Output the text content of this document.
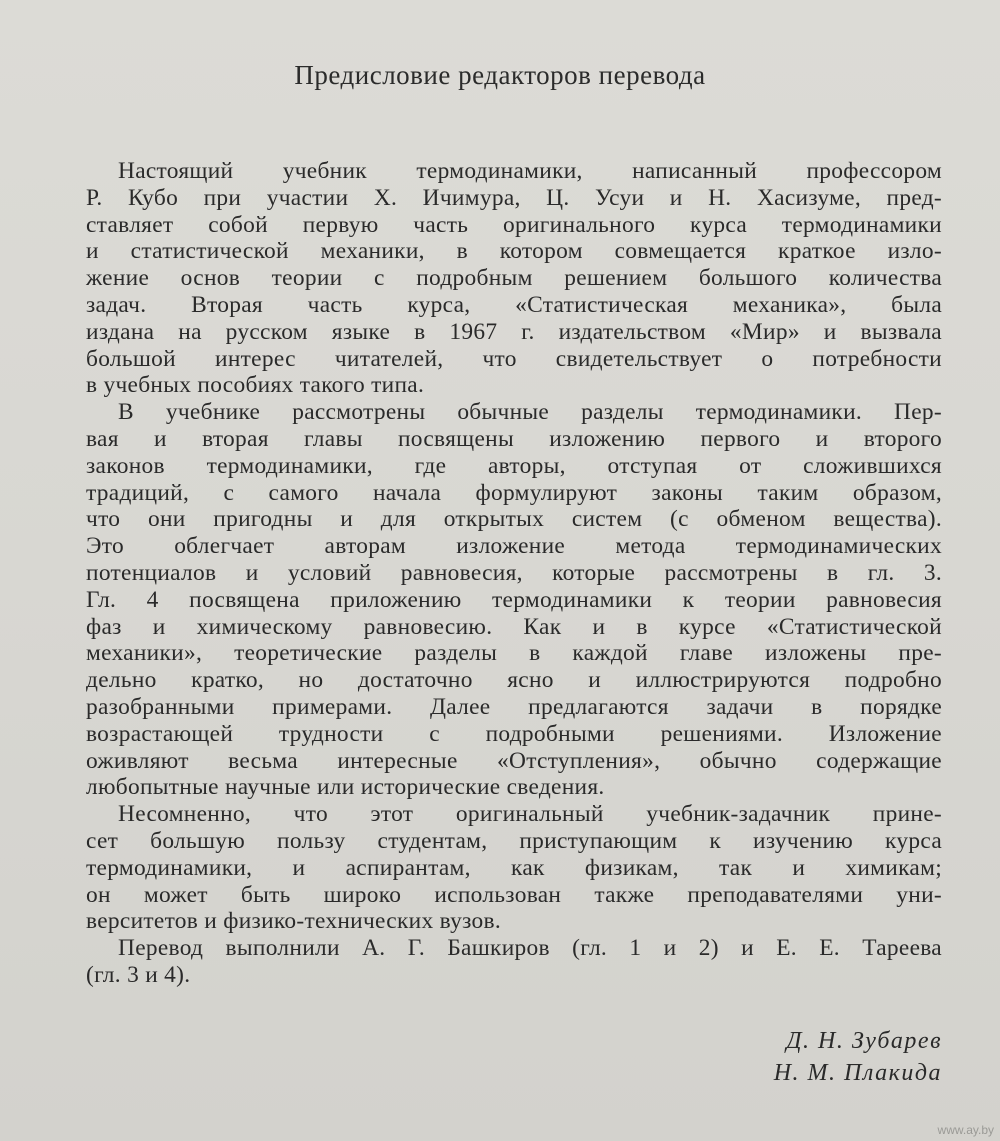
Предисловие редакторов перевода
Настоящий учебник термодинамики, написанный профессором
Р. Кубо при участии Х. Ичимура, Ц. Усуи и Н. Хасизуме, пред-
ставляет собой первую часть оригинального курса термодинамики
и статистической механики, в котором совмещается краткое изло-
жение основ теории с подробным решением большого количества
задач. Вторая часть курса, «Статистическая механика», была
издана на русском языке в 1967 г. издательством «Мир» и вызвала
большой интерес читателей, что свидетельствует о потребности
в учебных пособиях такого типа.
В учебнике рассмотрены обычные разделы термодинамики. Пер-
вая и вторая главы посвящены изложению первого и второго
законов термодинамики, где авторы, отступая от сложившихся
традиций, с самого начала формулируют законы таким образом,
что они пригодны и для открытых систем (с обменом вещества).
Это облегчает авторам изложение метода термодинамических
потенциалов и условий равновесия, которые рассмотрены в гл. 3.
Гл. 4 посвящена приложению термодинамики к теории равновесия
фаз и химическому равновесию. Как и в курсе «Статистической
механики», теоретические разделы в каждой главе изложены пре-
дельно кратко, но достаточно ясно и иллюстрируются подробно
разобранными примерами. Далее предлагаются задачи в порядке
возрастающей трудности с подробными решениями. Изложение
оживляют весьма интересные «Отступления», обычно содержащие
любопытные научные или исторические сведения.
Несомненно, что этот оригинальный учебник-задачник прине-
сет большую пользу студентам, приступающим к изучению курса
термодинамики, и аспирантам, как физикам, так и химикам;
он может быть широко использован также преподавателями уни-
верситетов и физико-технических вузов.
Перевод выполнили А. Г. Башкиров (гл. 1 и 2) и Е. Е. Тареева
(гл. 3 и 4).
Д. Н. Зубарев
Н. М. Плакида
www.ay.by
